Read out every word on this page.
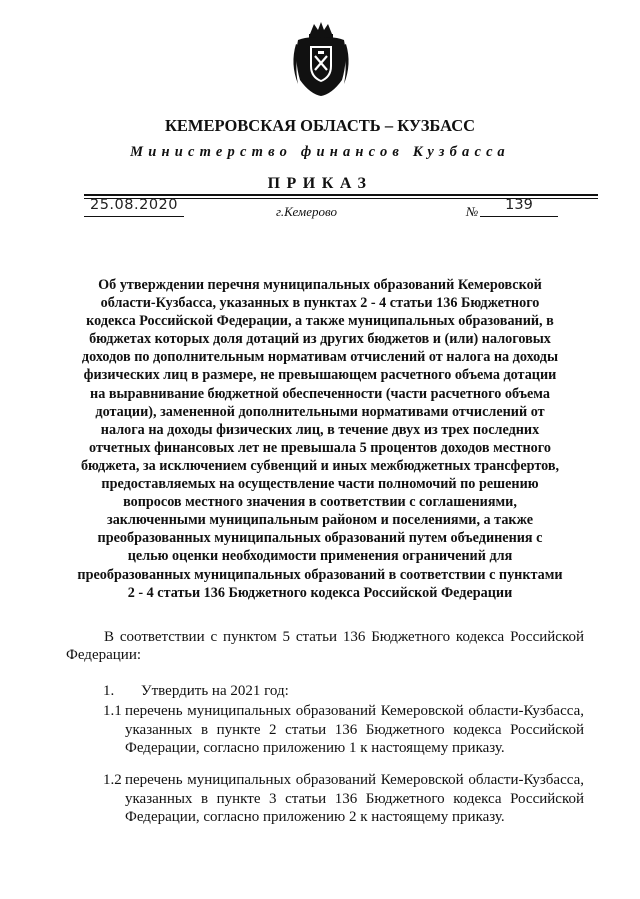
КЕМЕРОВСКАЯ ОБЛАСТЬ – КУЗБАСС
Министерство финансов Кузбасса
ПРИКАЗ
25.08.2020	г.Кемерово	№	139
Об утверждении перечня муниципальных образований Кемеровской
области-Кузбасса, указанных в пунктах 2 - 4 статьи 136 Бюджетного
кодекса Российской Федерации, а также муниципальных образований, в
бюджетах которых доля дотаций из других бюджетов и (или) налоговых
доходов по дополнительным нормативам отчислений от налога на доходы
физических лиц в размере, не превышающем расчетного объема дотации
на выравнивание бюджетной обеспеченности (части расчетного объема
дотации), замененной дополнительными нормативами отчислений от
налога на доходы физических лиц, в течение двух из трех последних
отчетных финансовых лет не превышала 5 процентов доходов местного
бюджета, за исключением субвенций и иных межбюджетных трансфертов,
предоставляемых на осуществление части полномочий по решению
вопросов местного значения в соответствии с соглашениями,
заключенными муниципальным районом и поселениями, а также
преобразованных муниципальных образований путем объединения с
целью оценки необходимости применения ограничений для
преобразованных муниципальных образований в соответствии с пунктами
2 - 4 статьи 136 Бюджетного кодекса Российской Федерации
В соответствии с пунктом 5 статьи 136 Бюджетного кодекса Российской Федерации:
1. Утвердить на 2021 год:
1.1 перечень муниципальных образований Кемеровской области-Кузбасса, указанных в пункте 2 статьи 136 Бюджетного кодекса Российской Федерации, согласно приложению 1 к настоящему приказу.
1.2 перечень муниципальных образований Кемеровской области-Кузбасса, указанных в пункте 3 статьи 136 Бюджетного кодекса Российской Федерации, согласно приложению 2 к настоящему приказу.
